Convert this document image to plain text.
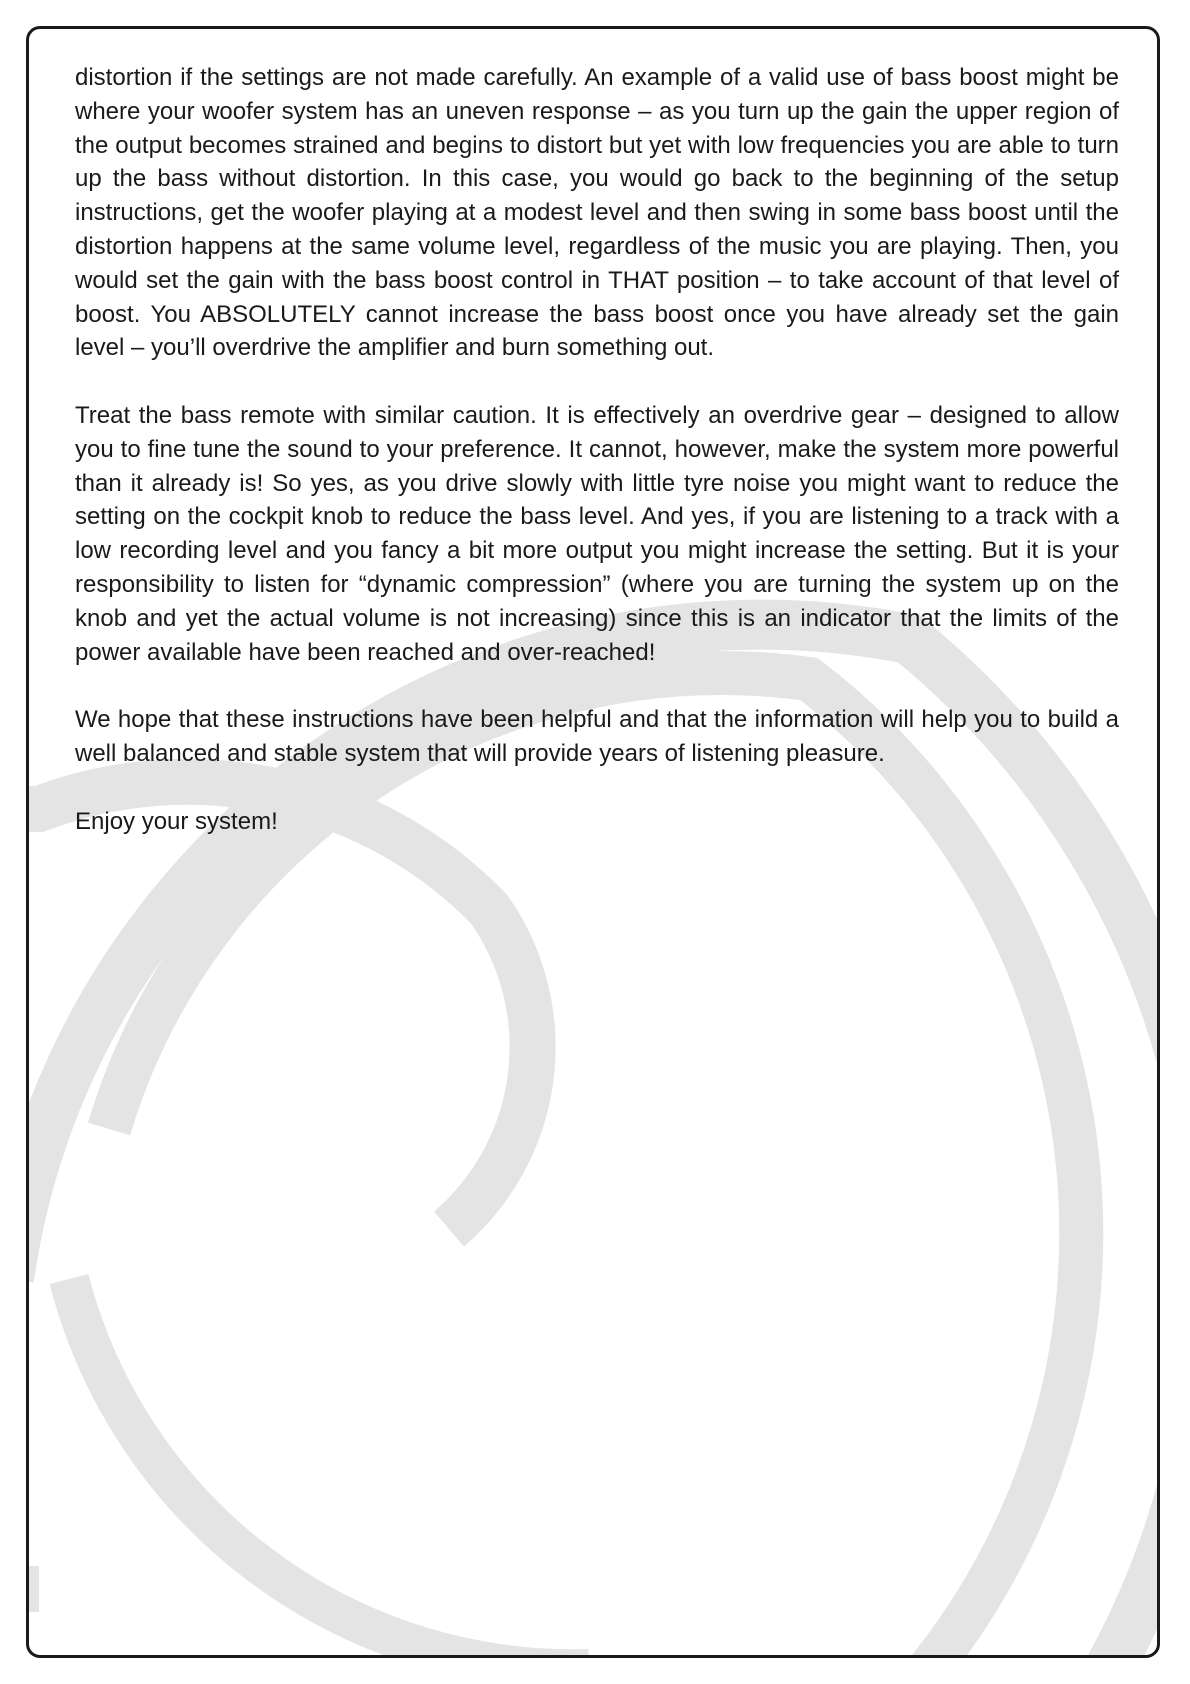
distortion if the settings are not made carefully. An example of a valid use of bass boost might be where your woofer system has an uneven response – as you turn up the gain the upper region of the output becomes strained and begins to distort but yet with low frequencies you are able to turn up the bass without distortion. In this case, you would go back to the beginning of the setup instructions, get the woofer playing at a modest level and then swing in some bass boost until the distortion happens at the same volume level, regardless of the music you are playing. Then, you would set the gain with the bass boost control in THAT position – to take account of that level of boost. You ABSOLUTELY cannot increase the bass boost once you have already set the gain level – you’ll overdrive the amplifier and burn something out.

Treat the bass remote with similar caution. It is effectively an overdrive gear – designed to allow you to fine tune the sound to your preference. It cannot, however, make the system more powerful than it already is! So yes, as you drive slowly with little tyre noise you might want to reduce the setting on the cockpit knob to reduce the bass level. And yes, if you are listening to a track with a low recording level and you fancy a bit more output you might increase the setting. But it is your responsibility to listen for “dynamic compression” (where you are turning the system up on the knob and yet the actual volume is not increasing) since this is an indicator that the limits of the power available have been reached and over-reached!

We hope that these instructions have been helpful and that the information will help you to build a well balanced and stable system that will provide years of listening pleasure.

Enjoy your system!
